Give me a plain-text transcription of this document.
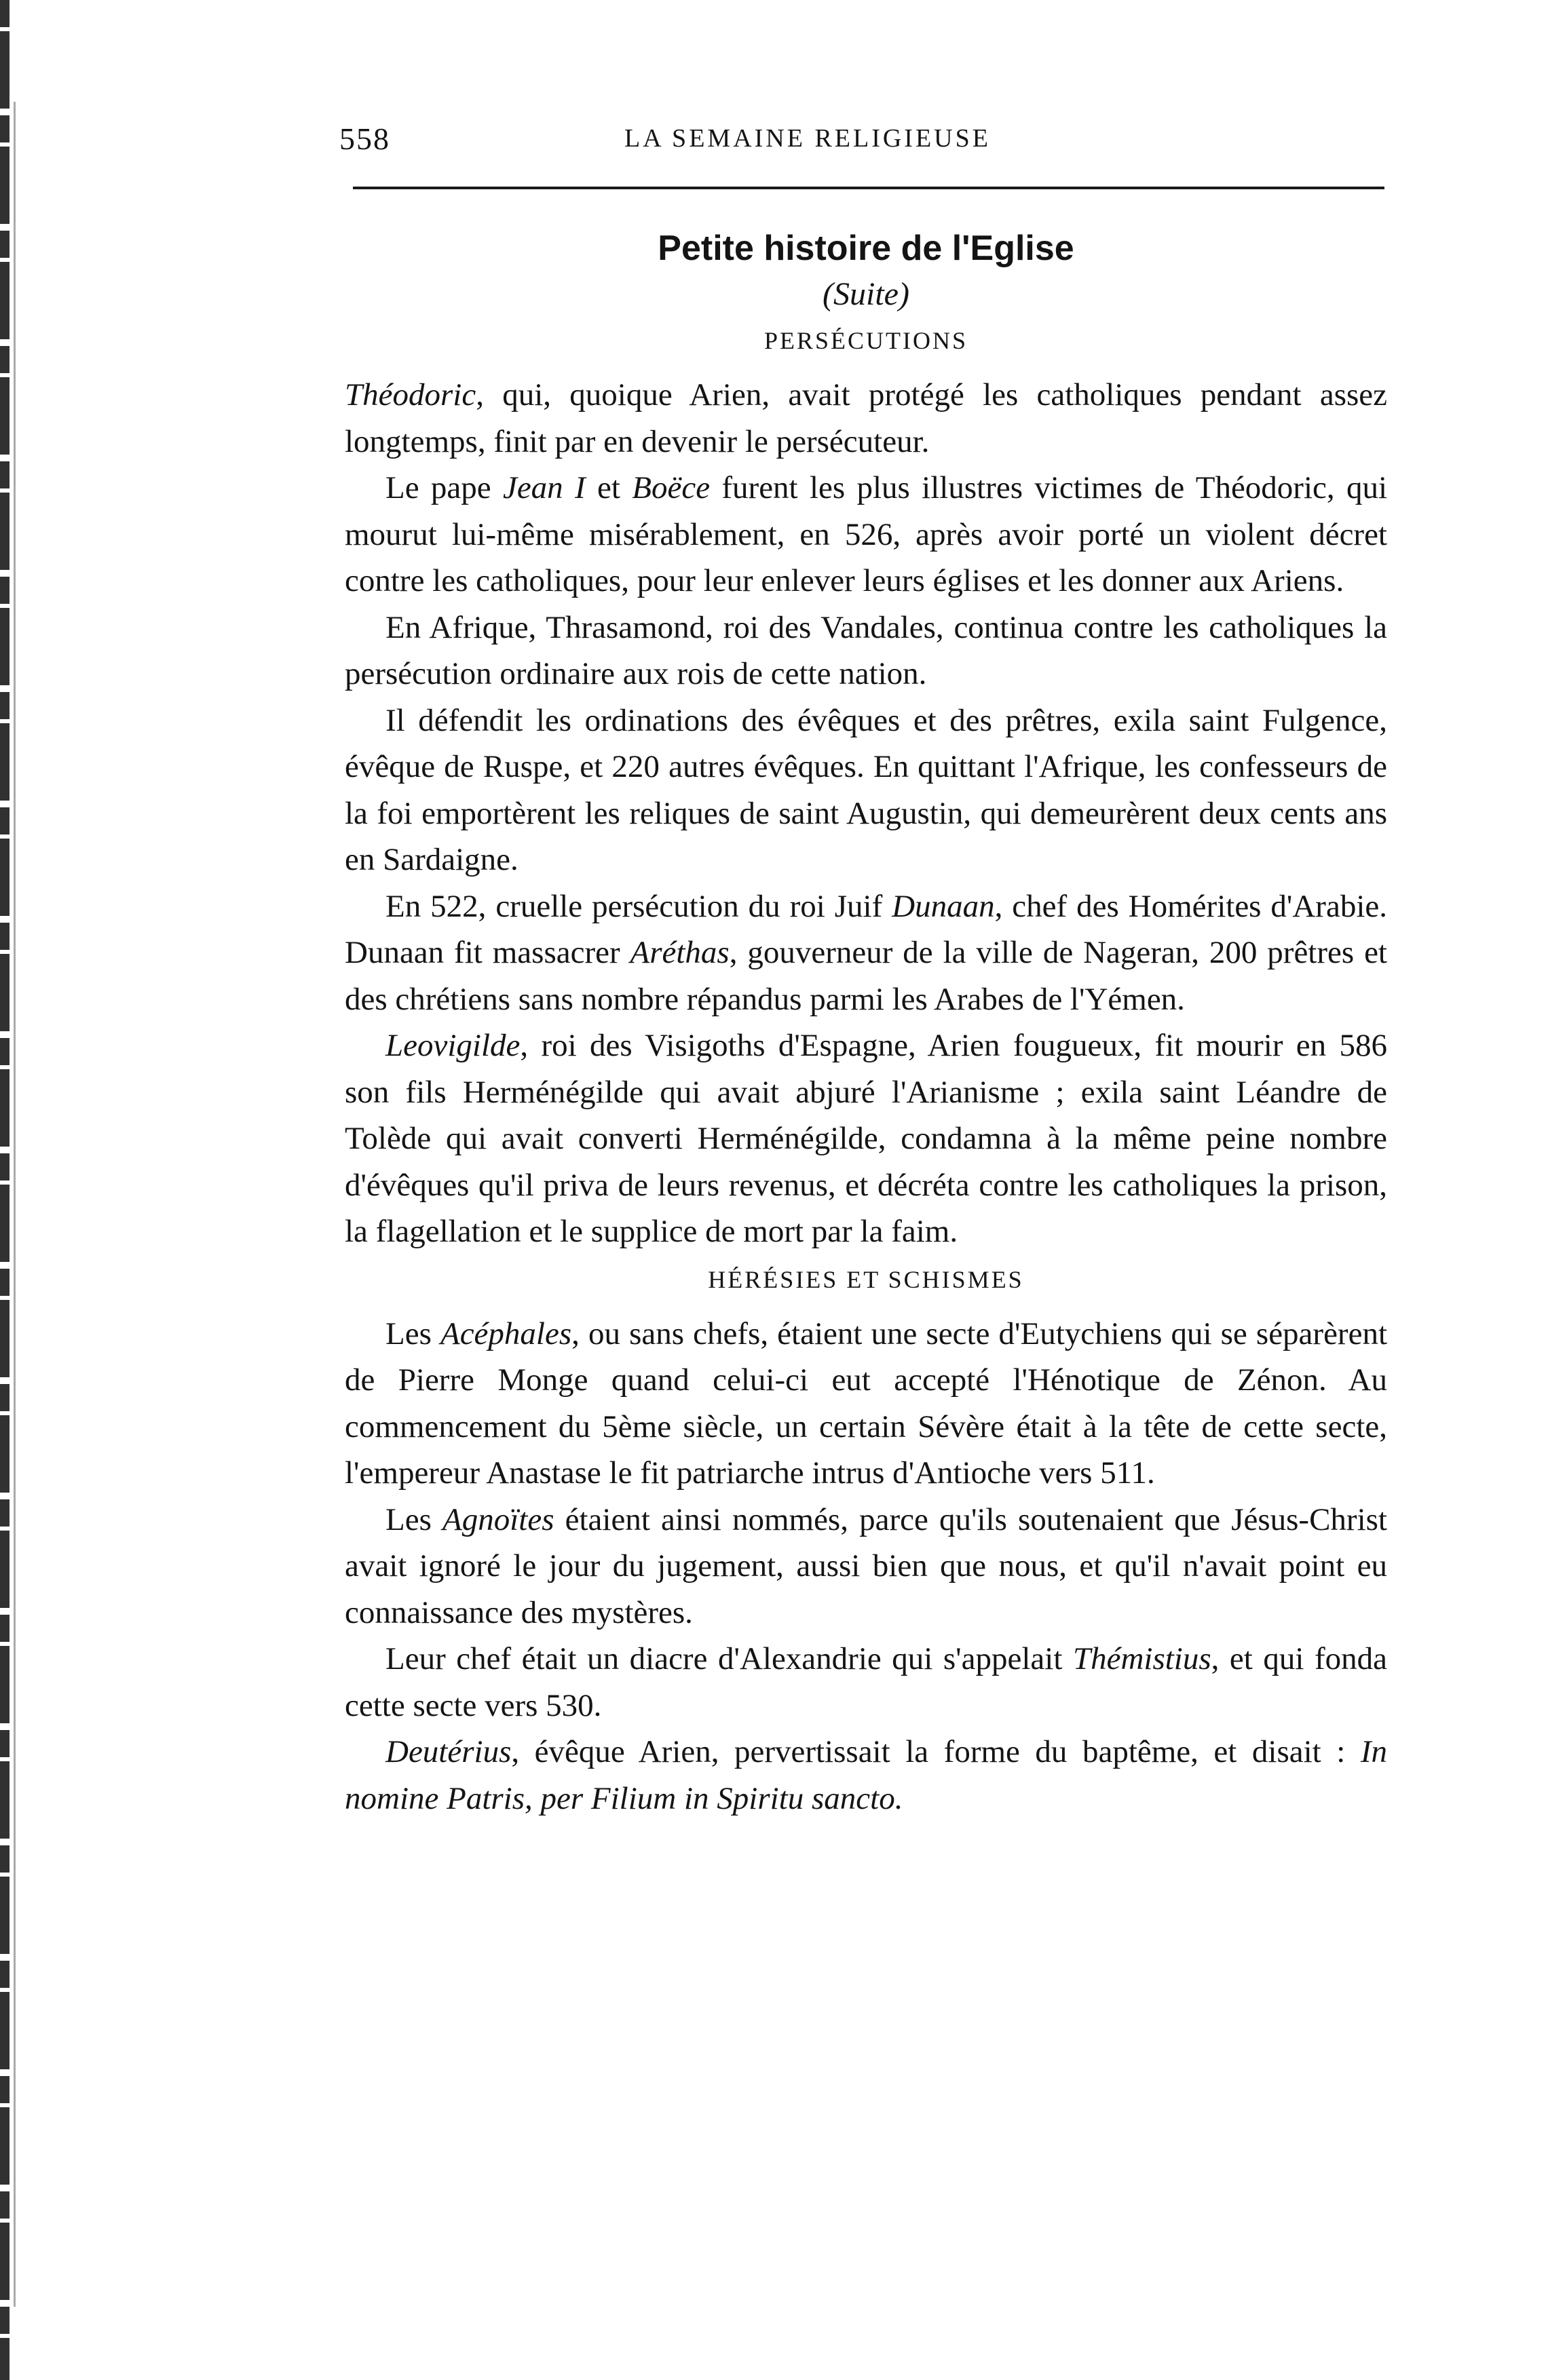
558	LA SEMAINE RELIGIEUSE
Petite histoire de l'Eglise

(Suite)

PERSÉCUTIONS

Théodoric, qui, quoique Arien, avait protégé les catholiques pendant assez longtemps, finit par en devenir le persécuteur.

Le pape Jean I et Boëce furent les plus illustres victimes de Théodoric, qui mourut lui-même misérablement, en 526, après avoir porté un violent décret contre les catholiques, pour leur enlever leurs églises et les donner aux Ariens.

En Afrique, Thrasamond, roi des Vandales, continua contre les catholiques la persécution ordinaire aux rois de cette nation.

Il défendit les ordinations des évêques et des prêtres, exila saint Fulgence, évêque de Ruspe, et 220 autres évêques. En quittant l'Afrique, les confesseurs de la foi emportèrent les reliques de saint Augustin, qui demeurèrent deux cents ans en Sardaigne.

En 522, cruelle persécution du roi Juif Dunaan, chef des Homérites d'Arabie. Dunaan fit massacrer Aréthas, gouverneur de la ville de Nageran, 200 prêtres et des chrétiens sans nombre répandus parmi les Arabes de l'Yémen.

Leovigilde, roi des Visigoths d'Espagne, Arien fougueux, fit mourir en 586 son fils Herménégilde qui avait abjuré l'Arianisme ; exila saint Léandre de Tolède qui avait converti Herménégilde, condamna à la même peine nombre d'évêques qu'il priva de leurs revenus, et décréta contre les catholiques la prison, la flagellation et le supplice de mort par la faim.

HÉRÉSIES ET SCHISMES

Les Acéphales, ou sans chefs, étaient une secte d'Eutychiens qui se séparèrent de Pierre Monge quand celui-ci eut accepté l'Hénotique de Zénon. Au commencement du 5ème siècle, un certain Sévère était à la tête de cette secte, l'empereur Anastase le fit patriarche intrus d'Antioche vers 511.

Les Agnoïtes étaient ainsi nommés, parce qu'ils soutenaient que Jésus-Christ avait ignoré le jour du jugement, aussi bien que nous, et qu'il n'avait point eu connaissance des mystères.

Leur chef était un diacre d'Alexandrie qui s'appelait Thémistius, et qui fonda cette secte vers 530.

Deutérius, évêque Arien, pervertissait la forme du baptême, et disait : In nomine Patris, per Filium in Spiritu sancto.
